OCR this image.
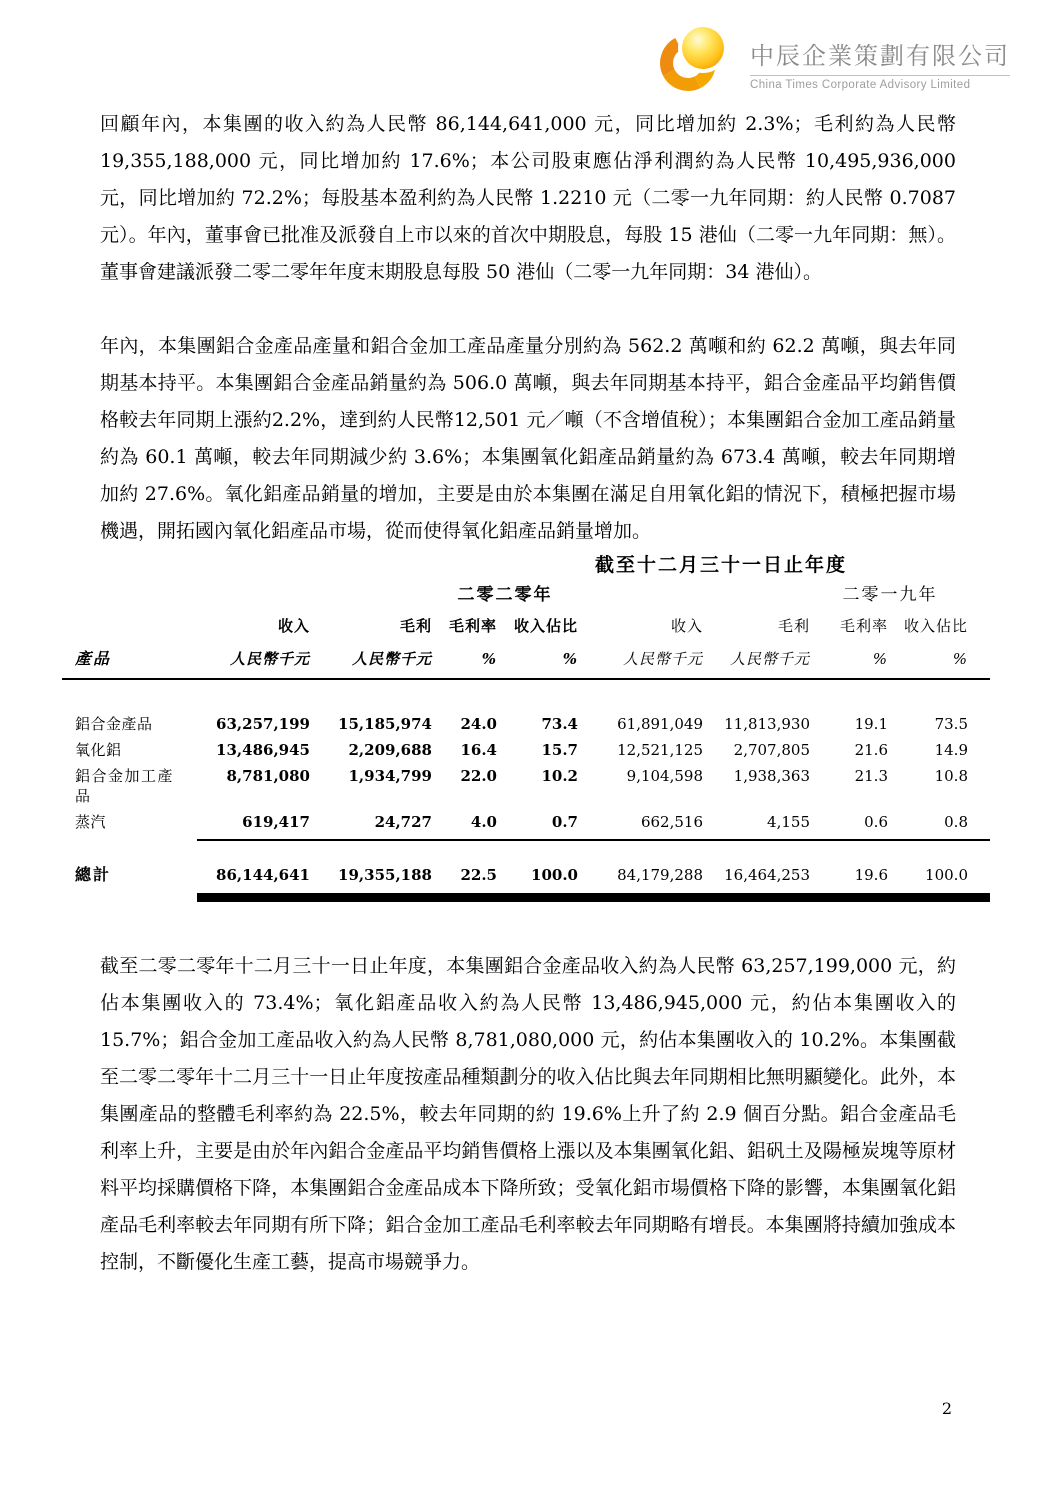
中辰企業策劃有限公司
China Times Corporate Advisory Limited

回顧年內，本集團的收入約為人民幣 86,144,641,000 元，同比增加約 2.3%；毛利約為人民幣 19,355,188,000 元，同比增加約 17.6%；本公司股東應佔淨利潤約為人民幣 10,495,936,000 元，同比增加約 72.2%；每股基本盈利約為人民幣 1.2210 元（二零一九年同期：約人民幣 0.7087 元）。年內，董事會已批准及派發自上市以來的首次中期股息，每股 15 港仙（二零一九年同期：無）。董事會建議派發二零二零年年度末期股息每股 50 港仙（二零一九年同期：34 港仙）。

年內，本集團鋁合金產品產量和鋁合金加工產品產量分別約為 562.2 萬噸和約 62.2 萬噸，與去年同期基本持平。本集團鋁合金產品銷量約為 506.0 萬噸，與去年同期基本持平，鋁合金產品平均銷售價格較去年同期上漲約2.2%，達到約人民幣12,501 元／噸（不含增值稅）；本集團鋁合金加工產品銷量約為 60.1 萬噸，較去年同期減少約 3.6%；本集團氧化鋁產品銷量約為 673.4 萬噸，較去年同期增加約 27.6%。氧化鋁產品銷量的增加，主要是由於本集團在滿足自用氧化鋁的情況下，積極把握市場機遇，開拓國內氧化鋁產品市場，從而使得氧化鋁產品銷量增加。

截至十二月三十一日止年度
			二零二零年				二零一九年	
	收入	毛利	毛利率	收入佔比	收入	毛利	毛利率	收入佔比
產品	人民幣千元	人民幣千元	%	%	人民幣千元	人民幣千元	%	%
鋁合金產品	63,257,199	15,185,974	24.0	73.4	61,891,049	11,813,930	19.1	73.5
氧化鋁	13,486,945	2,209,688	16.4	15.7	12,521,125	2,707,805	21.6	14.9
鋁合金加工產品	8,781,080	1,934,799	22.0	10.2	9,104,598	1,938,363	21.3	10.8
蒸汽	619,417	24,727	4.0	0.7	662,516	4,155	0.6	0.8

總計	86,144,641	19,355,188	22.5	100.0	84,179,288	16,464,253	19.6	100.0

截至二零二零年十二月三十一日止年度，本集團鋁合金產品收入約為人民幣 63,257,199,000 元，約佔本集團收入的 73.4%；氧化鋁產品收入約為人民幣 13,486,945,000 元，約佔本集團收入的 15.7%；鋁合金加工產品收入約為人民幣 8,781,080,000 元，約佔本集團收入的 10.2%。本集團截至二零二零年十二月三十一日止年度按產品種類劃分的收入佔比與去年同期相比無明顯變化。此外，本集團產品的整體毛利率約為 22.5%，較去年同期的約 19.6%上升了約 2.9 個百分點。鋁合金產品毛利率上升，主要是由於年內鋁合金產品平均銷售價格上漲以及本集團氧化鋁、鋁矾土及陽極炭塊等原材料平均採購價格下降，本集團鋁合金產品成本下降所致；受氧化鋁市場價格下降的影響，本集團氧化鋁產品毛利率較去年同期有所下降；鋁合金加工產品毛利率較去年同期略有增長。本集團將持續加強成本控制，不斷優化生產工藝，提高市場競爭力。

2
